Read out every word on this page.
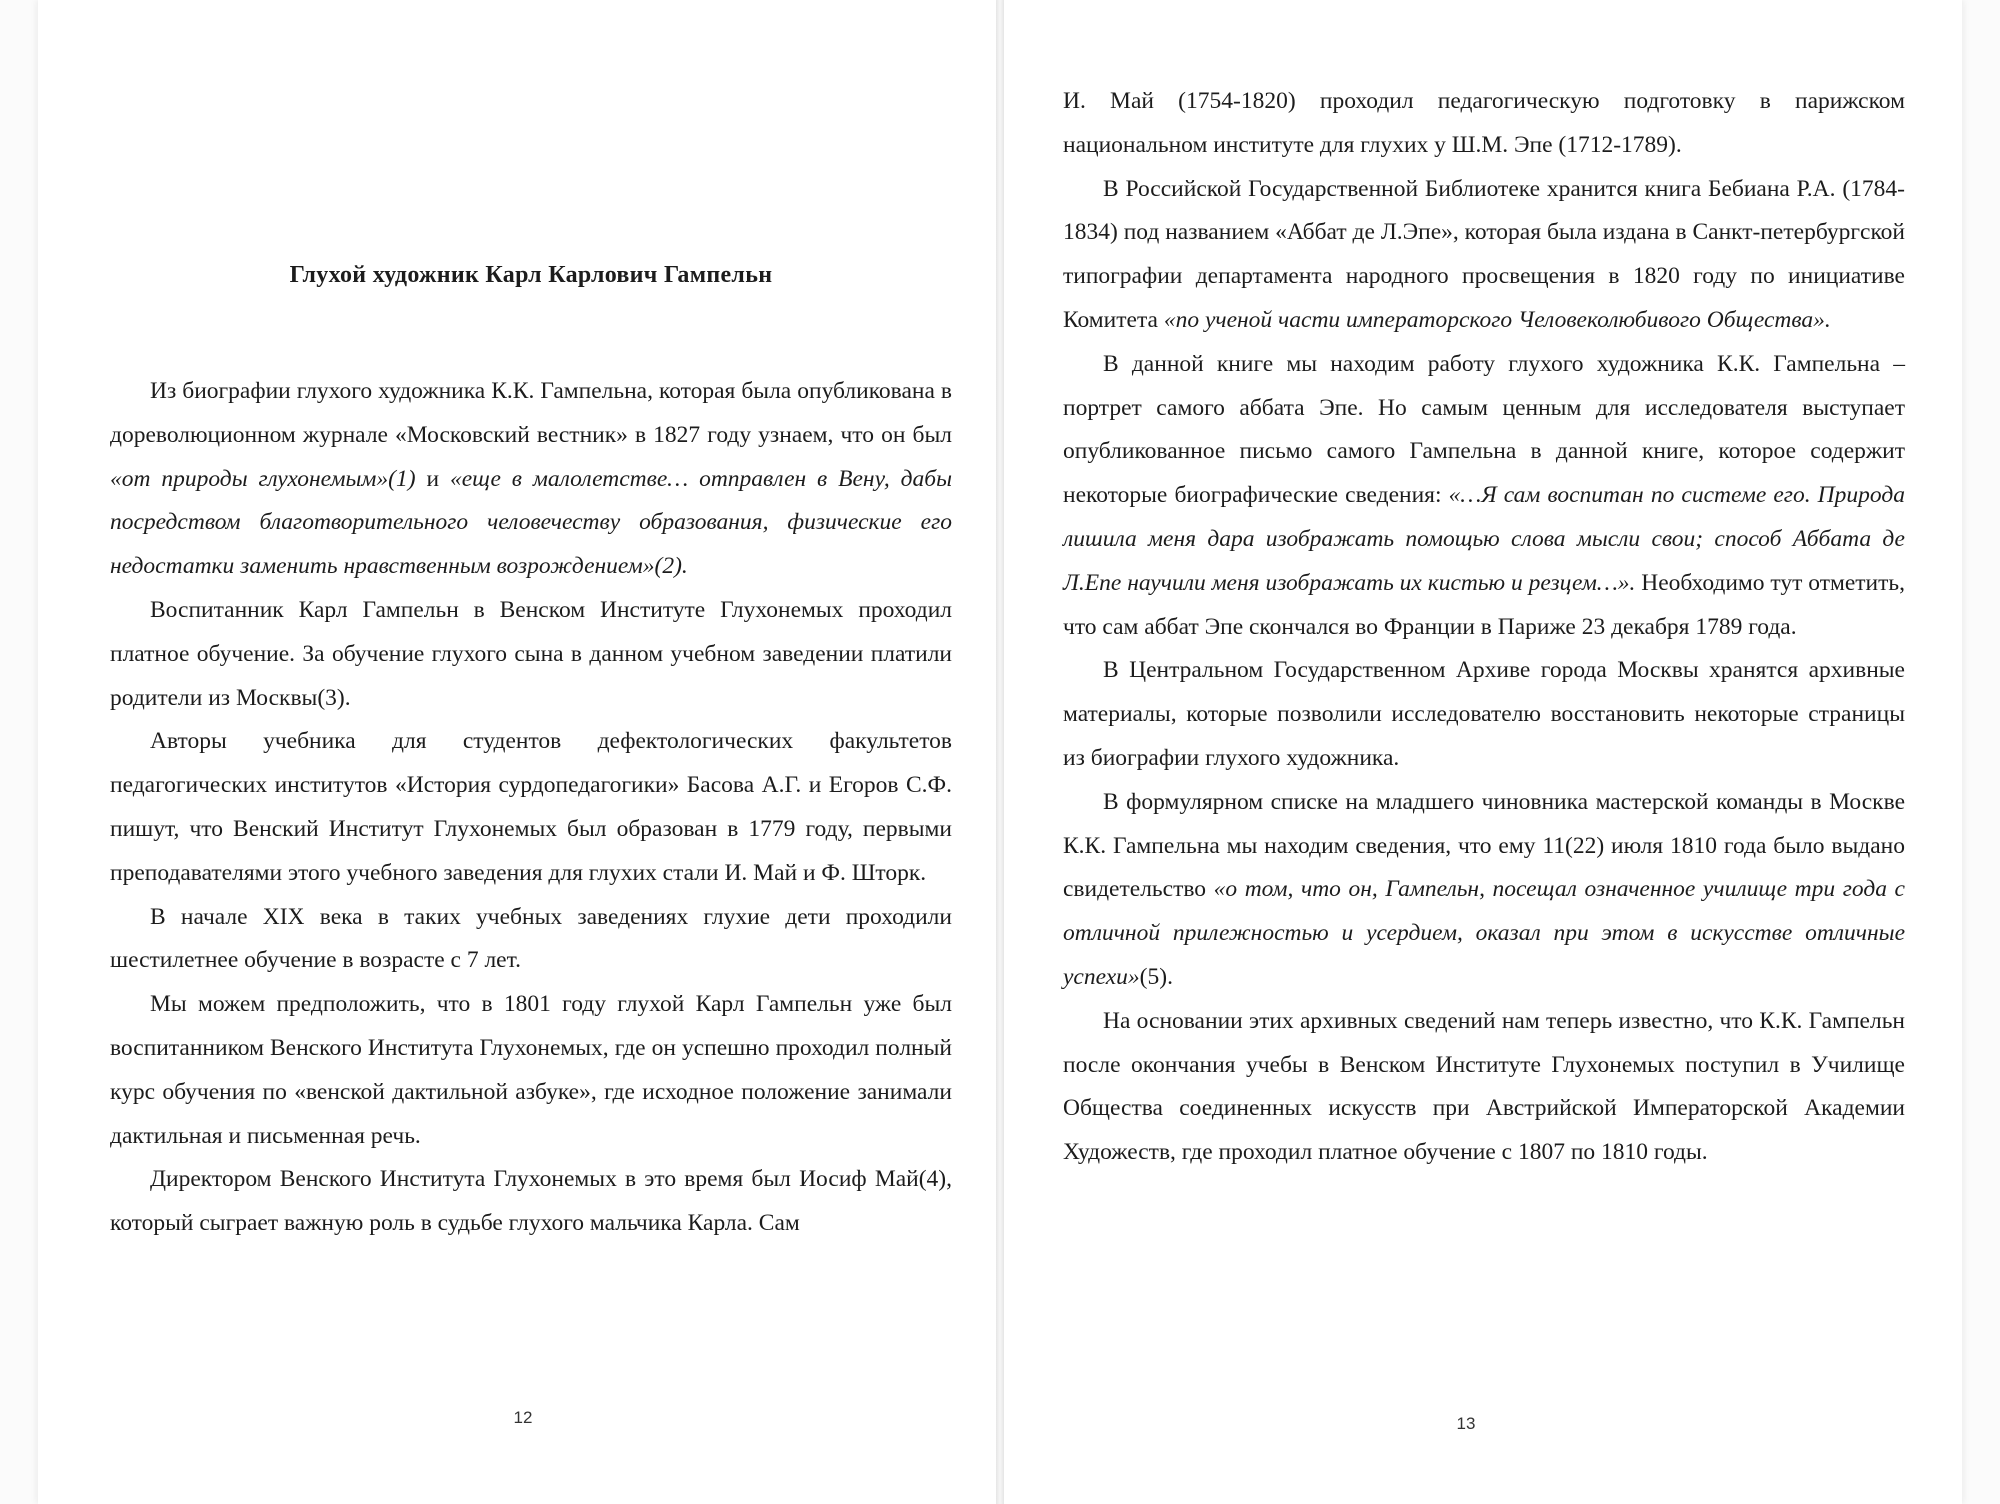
Глухой художник Карл Карлович Гампельн

Из биографии глухого художника К.К. Гампельна, которая была опубликована в дореволюционном журнале «Московский вестник» в 1827 году узнаем, что он был «от природы глухонемым»(1) и «еще в малолетстве… отправлен в Вену, дабы посредством благотворительного человечеству образования, физические его недостатки заменить нравственным возрождением»(2).

Воспитанник Карл Гампельн в Венском Институте Глухонемых проходил платное обучение. За обучение глухого сына в данном учебном заведении платили родители из Москвы(3).

Авторы учебника для студентов дефектологических факультетов педагогических институтов «История сурдопедагогики» Басова А.Г. и Егоров С.Ф. пишут, что Венский Институт Глухонемых был образован в 1779 году, первыми преподавателями этого учебного заведения для глухих стали И. Май и Ф. Шторк.

В начале XIX века в таких учебных заведениях глухие дети проходили шестилетнее обучение в возрасте с 7 лет.

Мы можем предположить, что в 1801 году глухой Карл Гампельн уже был воспитанником Венского Института Глухонемых, где он успешно проходил полный курс обучения по «венской дактильной азбуке», где исходное положение занимали дактильная и письменная речь.

Директором Венского Института Глухонемых в это время был Иосиф Май(4), который сыграет важную роль в судьбе глухого мальчика Карла. Сам

12

И. Май (1754-1820) проходил педагогическую подготовку в парижском национальном институте для глухих у Ш.М. Эпе (1712-1789).

В Российской Государственной Библиотеке хранится книга Бебиана Р.А. (1784-1834) под названием «Аббат де Л.Эпе», которая была издана в Санкт-петербургской типографии департамента народного просвещения в 1820 году по инициативе Комитета «по ученой части императорского Человеколюбивого Общества».

В данной книге мы находим работу глухого художника К.К. Гампельна – портрет самого аббата Эпе. Но самым ценным для исследователя выступает опубликованное письмо самого Гампельна в данной книге, которое содержит некоторые биографические сведения: «…Я сам воспитан по системе его. Природа лишила меня дара изображать помощью слова мысли свои; способ Аббата де Л.Епе научили меня изображать их кистью и резцем…». Необходимо тут отметить, что сам аббат Эпе скончался во Франции в Париже 23 декабря 1789 года.

В Центральном Государственном Архиве города Москвы хранятся архивные материалы, которые позволили исследователю восстановить некоторые страницы из биографии глухого художника.

В формулярном списке на младшего чиновника мастерской команды в Москве К.К. Гампельна мы находим сведения, что ему 11(22) июля 1810 года было выдано свидетельство «о том, что он, Гампельн, посещал означенное училище три года с отличной прилежностью и усердием, оказал при этом в искусстве отличные успехи»(5).

На основании этих архивных сведений нам теперь известно, что К.К. Гампельн после окончания учебы в Венском Институте Глухонемых поступил в Училище Общества соединенных искусств при Австрийской Императорской Академии Художеств, где проходил платное обучение с 1807 по 1810 годы.

13
